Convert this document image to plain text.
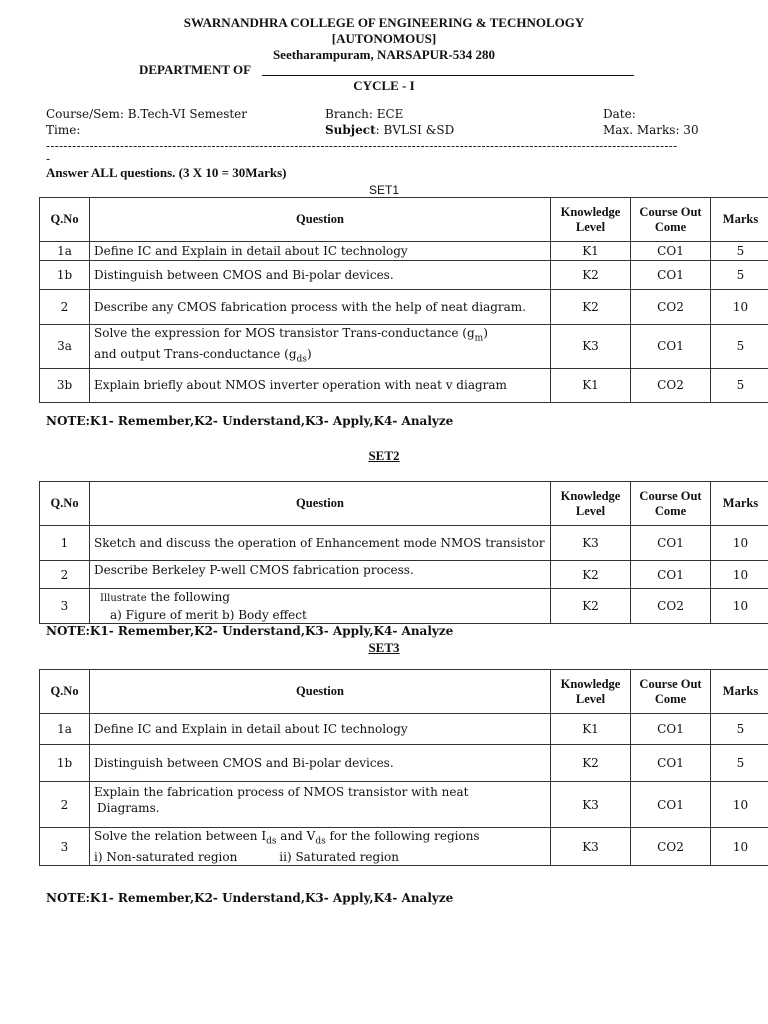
SWARNANDHRA COLLEGE OF ENGINEERING & TECHNOLOGY
[AUTONOMOUS]
Seetharampuram, NARSAPUR-534 280
DEPARTMENT OF
CYCLE - I
Course/Sem: B.Tech-VI Semester	Branch: ECE	Date:
Time:	Subject: BVLSI &SD	Max. Marks: 30
-------------------------------------------------------------------------------------------------------------------------------------------------
-
Answer ALL questions. (3 X 10 = 30Marks)
SET1
Q.No	Question	Knowledge Level	Course Out Come	Marks
1a	Define IC and Explain in detail about IC technology	K1	CO1	5
1b	Distinguish between CMOS and Bi-polar devices.	K2	CO1	5
2	Describe any CMOS fabrication process with the help of neat diagram.	K2	CO2	10
3a	Solve the expression for MOS transistor Trans-conductance $(g_m)$
and output Trans-conductance $(g_{ds})$	K3	CO1	5
3b	Explain briefly about NMOS inverter operation with neat v diagram	K1	CO2	5
NOTE:K1- Remember,K2- Understand,K3- Apply,K4- Analyze
SET2
Q.No	Question	Knowledge Level	Course Out Come	Marks
1	Sketch and discuss the operation of Enhancement mode NMOS transistor	K3	CO1	10
2	Describe Berkeley P-well CMOS fabrication process.	K2	CO1	10
3	Illustrate the following
a) Figure of merit b) Body effect	K2	CO2	10
NOTE:K1- Remember,K2- Understand,K3- Apply,K4- Analyze
SET3
Q.No	Question	Knowledge Level	Course Out Come	Marks
1a	Define IC and Explain in detail about IC technology	K1	CO1	5
1b	Distinguish between CMOS and Bi-polar devices.	K2	CO1	5
2	Explain the fabrication process of NMOS transistor with neat
Diagrams.	K3	CO1	10
3	Solve the relation between $I_{ds}$ and $V_{ds}$ for the following regions
i) Non-saturated region           ii) Saturated region	K3	CO2	10
NOTE:K1- Remember,K2- Understand,K3- Apply,K4- Analyze
